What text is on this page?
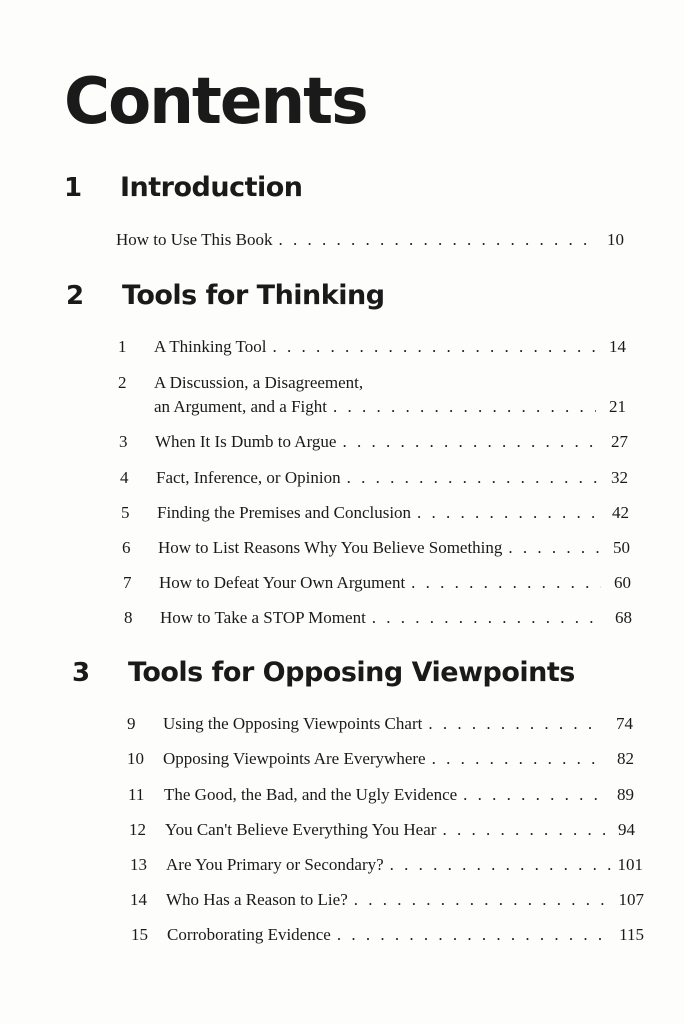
Contents
1	Introduction
How to Use This Book . . .	10
2	Tools for Thinking
1	A Thinking Tool . . .	14
2	A Discussion, a Disagreement,
an Argument, and a Fight . . .	21
3	When It Is Dumb to Argue . . .	27
4	Fact, Inference, or Opinion . . .	32
5	Finding the Premises and Conclusion . . .	42
6	How to List Reasons Why You Believe Something . . .	50
7	How to Defeat Your Own Argument . . .	60
8	How to Take a STOP Moment . . .	68
3	Tools for Opposing Viewpoints
9	Using the Opposing Viewpoints Chart . . .	74
10	Opposing Viewpoints Are Everywhere . . .	82
11	The Good, the Bad, and the Ugly Evidence . . .	89
12	You Can't Believe Everything You Hear . . .	94
13	Are You Primary or Secondary? . . .	101
14	Who Has a Reason to Lie? . . .	107
15	Corroborating Evidence . . .	115
